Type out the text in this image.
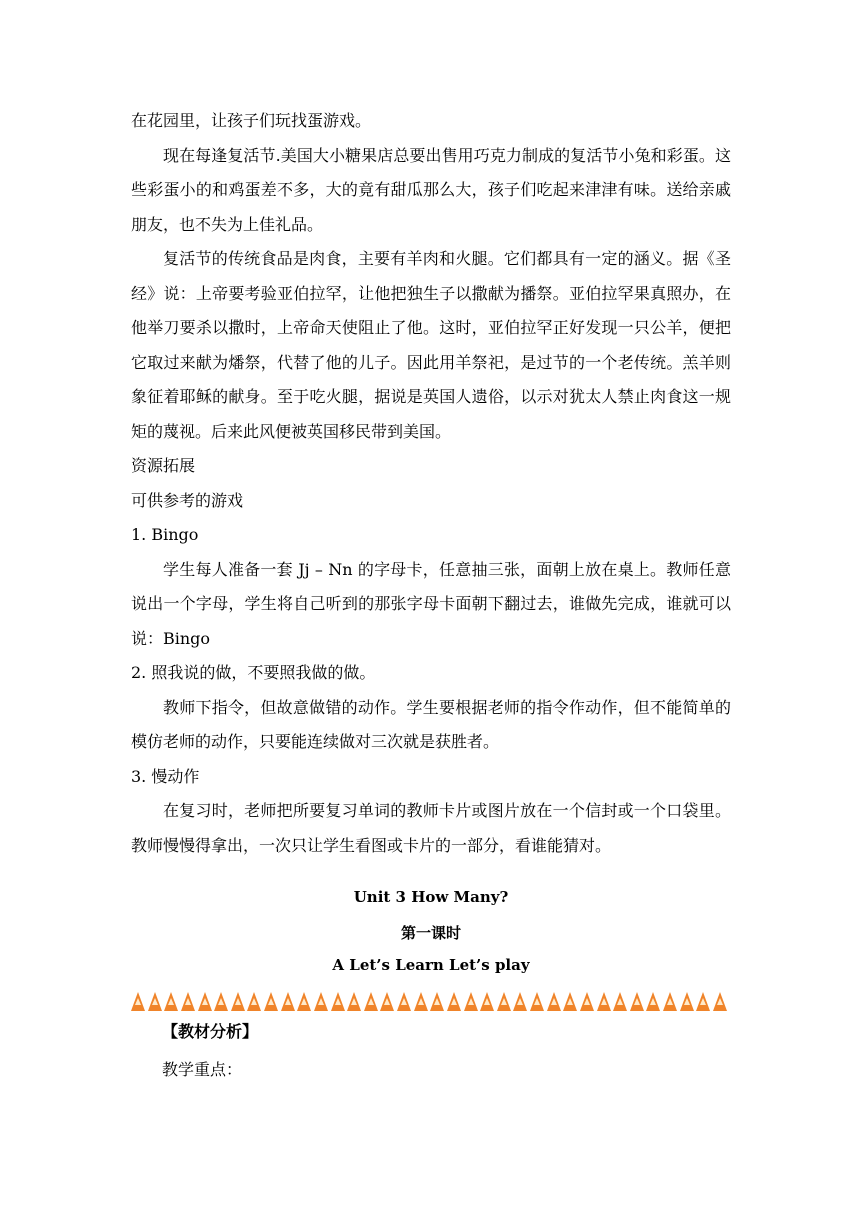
在花园里，让孩子们玩找蛋游戏。

现在每逢复活节.美国大小糖果店总要出售用巧克力制成的复活节小兔和彩蛋。这些彩蛋小的和鸡蛋差不多，大的竟有甜瓜那么大，孩子们吃起来津津有味。送给亲戚朋友，也不失为上佳礼品。

复活节的传统食品是肉食，主要有羊肉和火腿。它们都具有一定的涵义。据《圣经》说：上帝要考验亚伯拉罕，让他把独生子以撒献为播祭。亚伯拉罕果真照办，在他举刀要杀以撒时，上帝命天使阻止了他。这时，亚伯拉罕正好发现一只公羊，便把它取过来献为燔祭，代替了他的儿子。因此用羊祭祀，是过节的一个老传统。羔羊则象征着耶稣的献身。至于吃火腿，据说是英国人遗俗，以示对犹太人禁止肉食这一规矩的蔑视。后来此风便被英国移民带到美国。

资源拓展

可供参考的游戏

1. Bingo

学生每人准备一套 Jj – Nn 的字母卡，任意抽三张，面朝上放在桌上。教师任意说出一个字母，学生将自己听到的那张字母卡面朝下翻过去，谁做先完成，谁就可以说：Bingo

2. 照我说的做，不要照我做的做。

教师下指令，但故意做错的动作。学生要根据老师的指令作动作，但不能简单的模仿老师的动作，只要能连续做对三次就是获胜者。

3. 慢动作

在复习时，老师把所要复习单词的教师卡片或图片放在一个信封或一个口袋里。教师慢慢得拿出，一次只让学生看图或卡片的一部分，看谁能猜对。

Unit 3 How Many?
第一课时
A Let’s Learn Let’s play
【教材分析】
教学重点：
